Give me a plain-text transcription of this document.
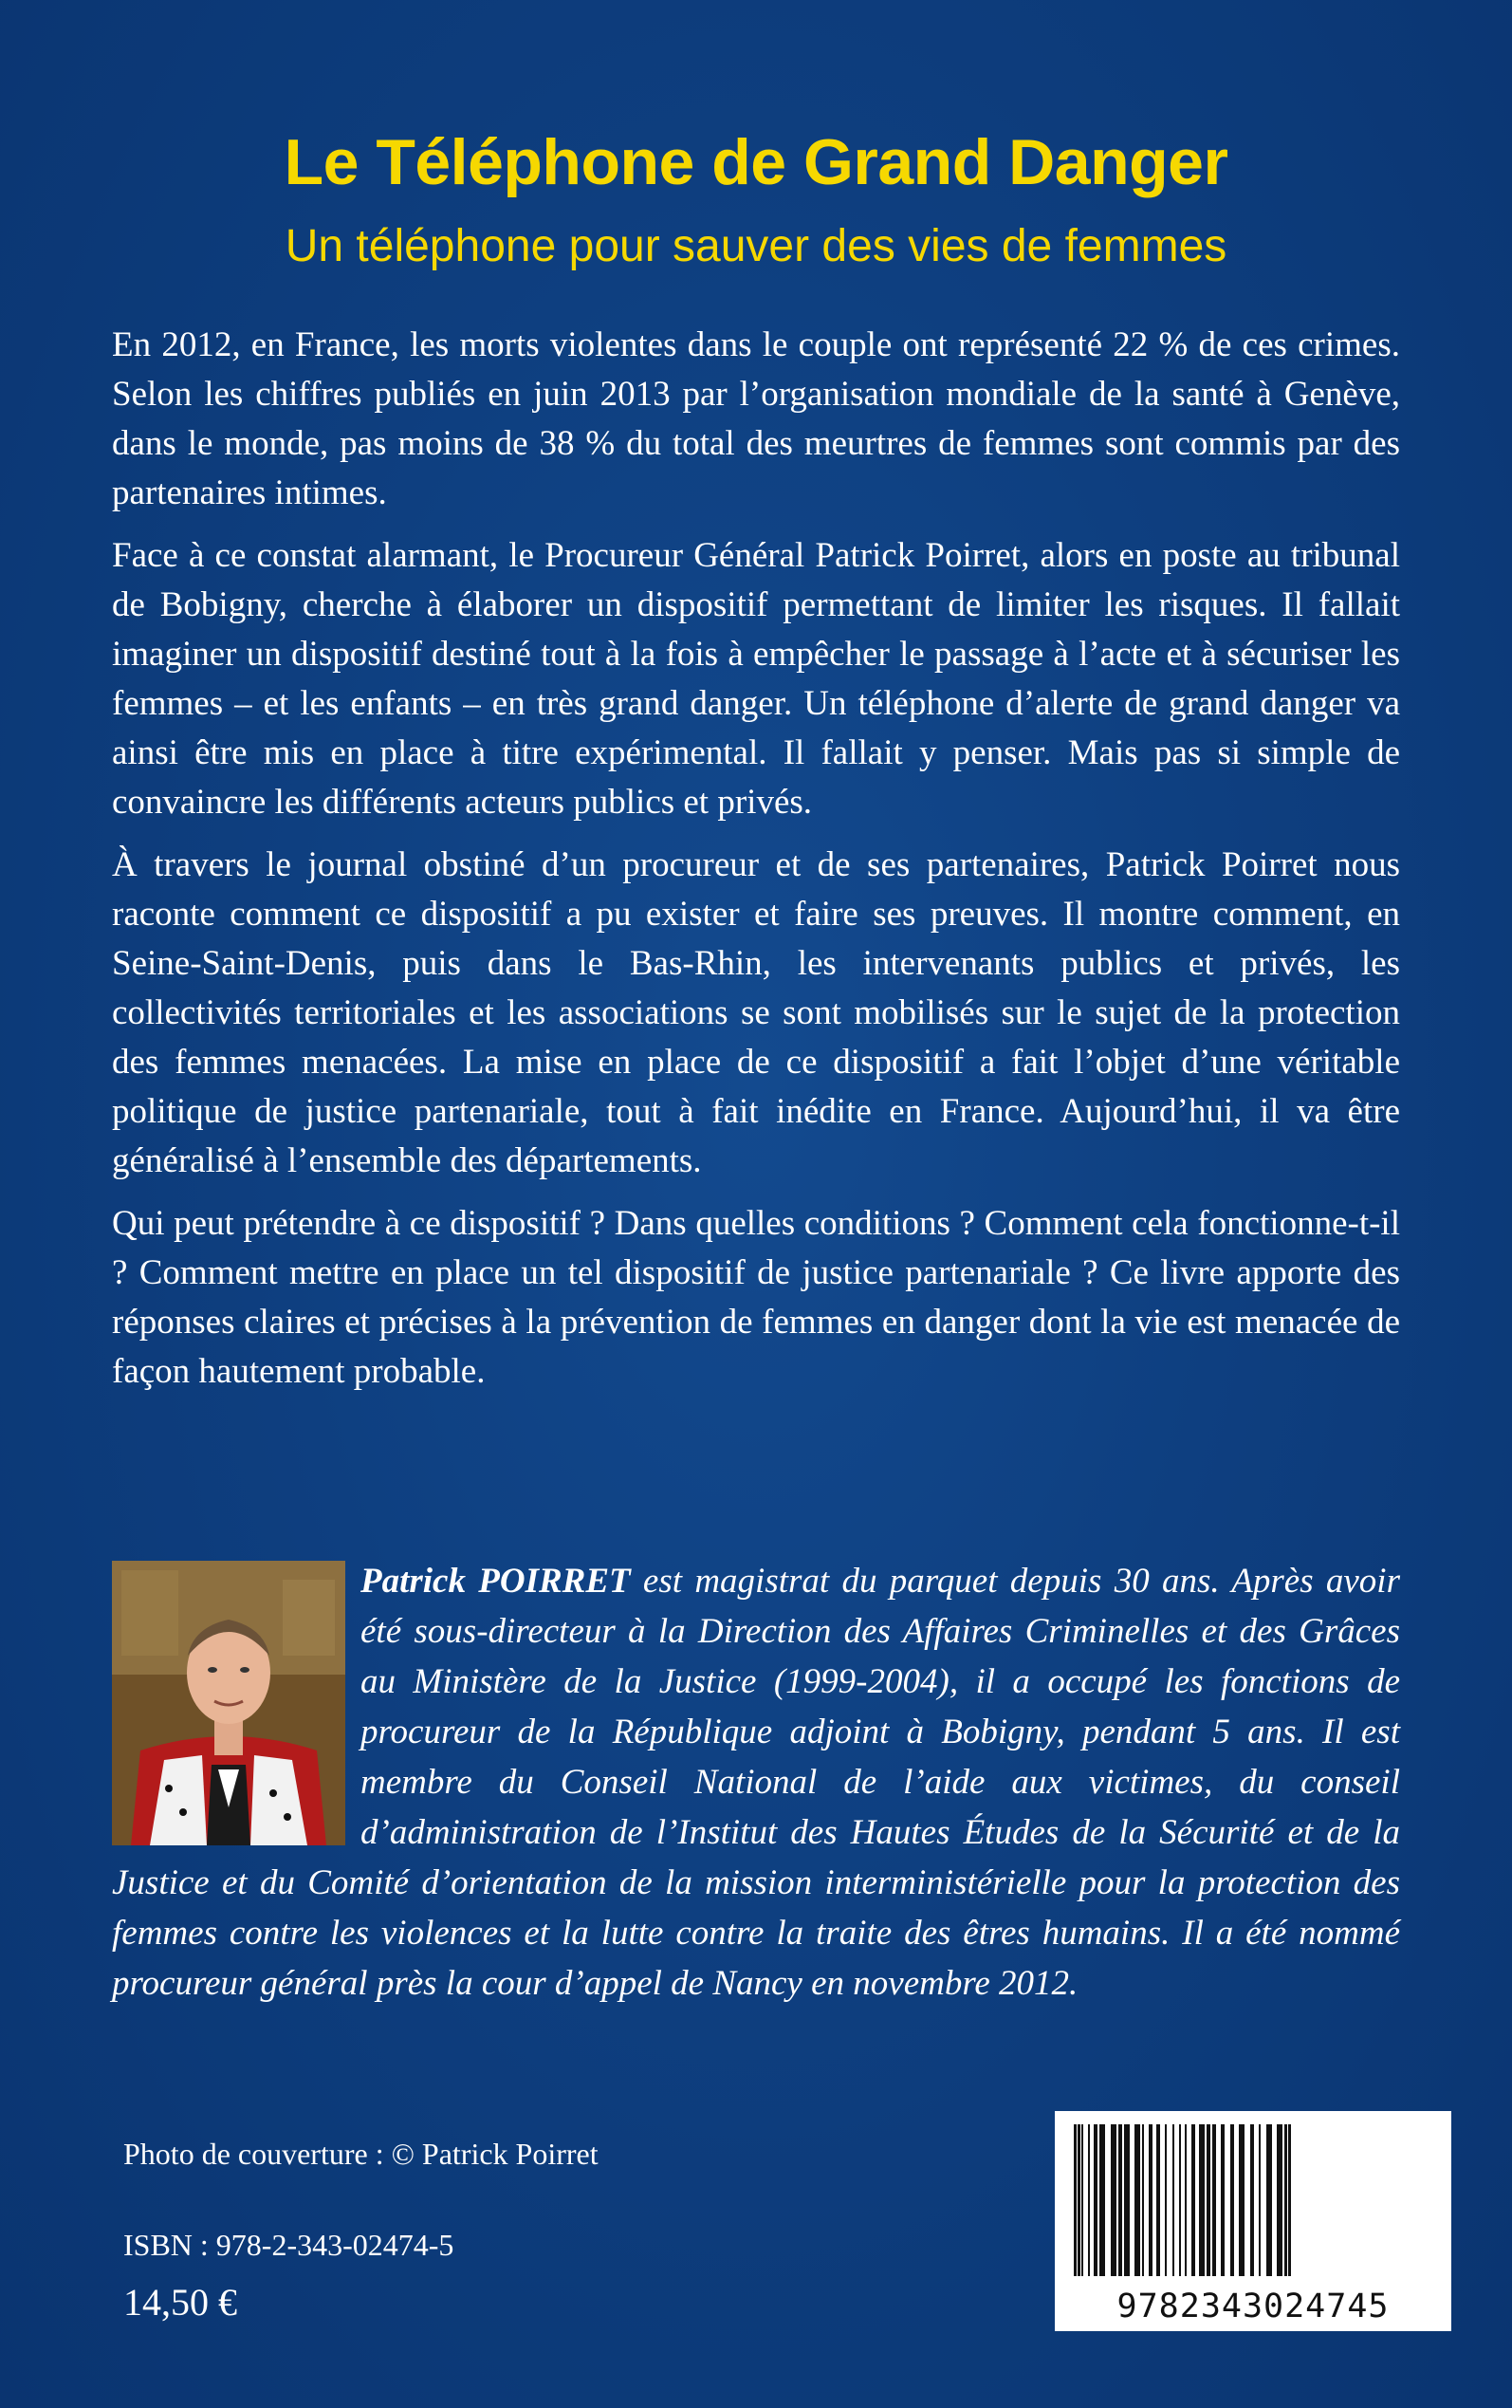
Le Téléphone de Grand Danger
Un téléphone pour sauver des vies de femmes

En 2012, en France, les morts violentes dans le couple ont représenté 22 % de ces crimes. Selon les chiffres publiés en juin 2013 par l’organisation mondiale de la santé à Genève, dans le monde, pas moins de 38 % du total des meurtres de femmes sont commis par des partenaires intimes.

Face à ce constat alarmant, le Procureur Général Patrick Poirret, alors en poste au tribunal de Bobigny, cherche à élaborer un dispositif permettant de limiter les risques. Il fallait imaginer un dispositif destiné tout à la fois à empêcher le passage à l’acte et à sécuriser les femmes – et les enfants – en très grand danger. Un téléphone d’alerte de grand danger va ainsi être mis en place à titre expérimental. Il fallait y penser. Mais pas si simple de convaincre les différents acteurs publics et privés.

À travers le journal obstiné d’un procureur et de ses partenaires, Patrick Poirret nous raconte comment ce dispositif a pu exister et faire ses preuves. Il montre comment, en Seine-Saint-Denis, puis dans le Bas-Rhin, les intervenants publics et privés, les collectivités territoriales et les associations se sont mobilisés sur le sujet de la protection des femmes menacées. La mise en place de ce dispositif a fait l’objet d’une véritable politique de justice partenariale, tout à fait inédite en France. Aujourd’hui, il va être généralisé à l’ensemble des départements.

Qui peut prétendre à ce dispositif ? Dans quelles conditions ? Comment cela fonctionne-t-il ? Comment mettre en place un tel dispositif de justice partenariale ? Ce livre apporte des réponses claires et précises à la prévention de femmes en danger dont la vie est menacée de façon hautement probable.

Patrick POIRRET est magistrat du parquet depuis 30 ans. Après avoir été sous-directeur à la Direction des Affaires Criminelles et des Grâces au Ministère de la Justice (1999-2004), il a occupé les fonctions de procureur de la République adjoint à Bobigny, pendant 5 ans. Il est membre du Conseil National de l’aide aux victimes, du conseil d’administration de l’Institut des Hautes Études de la Sécurité et de la Justice et du Comité d’orientation de la mission interministérielle pour la protection des femmes contre les violences et la lutte contre la traite des êtres humains. Il a été nommé procureur général près la cour d’appel de Nancy en novembre 2012.
Photo de couverture : © Patrick Poirret
ISBN : 978-2-343-02474-5
14,50 €	9782343024745
